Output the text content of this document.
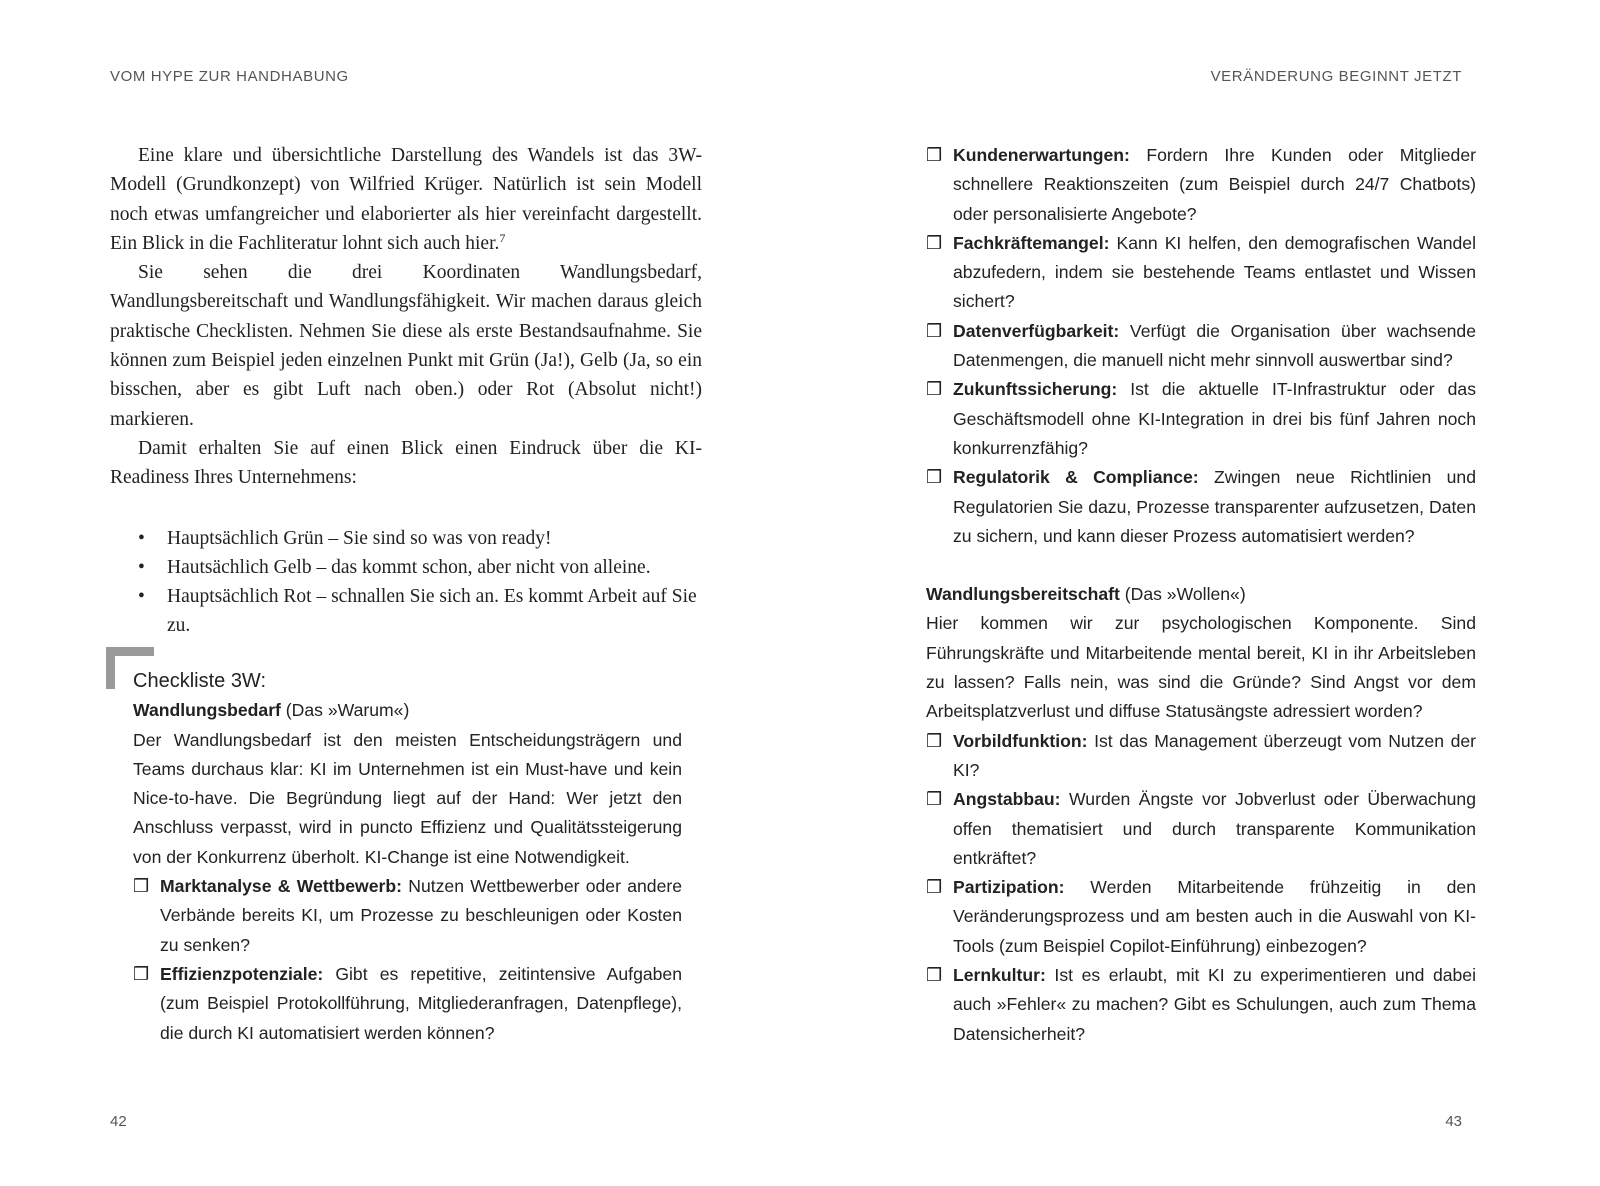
VOM HYPE ZUR HANDHABUNG	VERÄNDERUNG BEGINNT JETZT
42	43

Eine klare und übersichtliche Darstellung des Wandels ist das 3W-Modell (Grundkonzept) von Wilfried Krüger. Natürlich ist sein Modell noch etwas umfangreicher und elaborierter als hier vereinfacht dargestellt. Ein Blick in die Fachliteratur lohnt sich auch hier.$^7$

Sie sehen die drei Koordinaten Wandlungsbedarf, Wandlungsbereitschaft und Wandlungsfähigkeit. Wir machen daraus gleich praktische Checklisten. Nehmen Sie diese als erste Bestandsaufnahme. Sie können zum Beispiel jeden einzelnen Punkt mit Grün (Ja!), Gelb (Ja, so ein bisschen, aber es gibt Luft nach oben.) oder Rot (Absolut nicht!) markieren.

Damit erhalten Sie auf einen Blick einen Eindruck über die KI-Readiness Ihres Unternehmens:

• Hauptsächlich Grün – Sie sind so was von ready!
• Hautsächlich Gelb – das kommt schon, aber nicht von alleine.
• Hauptsächlich Rot – schnallen Sie sich an. Es kommt Arbeit auf Sie zu.
Checkliste 3W:
Wandlungsbedarf (Das »Warum«)

Der Wandlungsbedarf ist den meisten Entscheidungsträgern und Teams durchaus klar: KI im Unternehmen ist ein Must-have und kein Nice-to-have. Die Begründung liegt auf der Hand: Wer jetzt den Anschluss verpasst, wird in puncto Effizienz und Qualitätssteigerung von der Konkurrenz überholt. KI-Change ist eine Notwendigkeit.

❒ Marktanalyse & Wettbewerb: Nutzen Wettbewerber oder andere Verbände bereits KI, um Prozesse zu beschleunigen oder Kosten zu senken?
❒ Effizienzpotenziale: Gibt es repetitive, zeitintensive Aufgaben (zum Beispiel Protokollführung, Mitgliederanfragen, Datenpflege), die durch KI automatisiert werden können?
❒ Kundenerwartungen: Fordern Ihre Kunden oder Mitglieder schnellere Reaktionszeiten (zum Beispiel durch 24/7 Chatbots) oder personalisierte Angebote?
❒ Fachkräftemangel: Kann KI helfen, den demografischen Wandel abzufedern, indem sie bestehende Teams entlastet und Wissen sichert?
❒ Datenverfügbarkeit: Verfügt die Organisation über wachsende Datenmengen, die manuell nicht mehr sinnvoll auswertbar sind?
❒ Zukunftssicherung: Ist die aktuelle IT-Infrastruktur oder das Geschäftsmodell ohne KI-Integration in drei bis fünf Jahren noch konkurrenzfähig?
❒ Regulatorik & Compliance: Zwingen neue Richtlinien und Regulatorien Sie dazu, Prozesse transparenter aufzusetzen, Daten zu sichern, und kann dieser Prozess automatisiert werden?
Wandlungsbereitschaft (Das »Wollen«)

Hier kommen wir zur psychologischen Komponente. Sind Führungskräfte und Mitarbeitende mental bereit, KI in ihr Arbeitsleben zu lassen? Falls nein, was sind die Gründe? Sind Angst vor dem Arbeitsplatzverlust und diffuse Statusängste adressiert worden?

❒ Vorbildfunktion: Ist das Management überzeugt vom Nutzen der KI?
❒ Angstabbau: Wurden Ängste vor Jobverlust oder Überwachung offen thematisiert und durch transparente Kommunikation entkräftet?
❒ Partizipation: Werden Mitarbeitende frühzeitig in den Veränderungsprozess und am besten auch in die Auswahl von KI-Tools (zum Beispiel Copilot-Einführung) einbezogen?
❒ Lernkultur: Ist es erlaubt, mit KI zu experimentieren und dabei auch »Fehler« zu machen? Gibt es Schulungen, auch zum Thema Datensicherheit?
